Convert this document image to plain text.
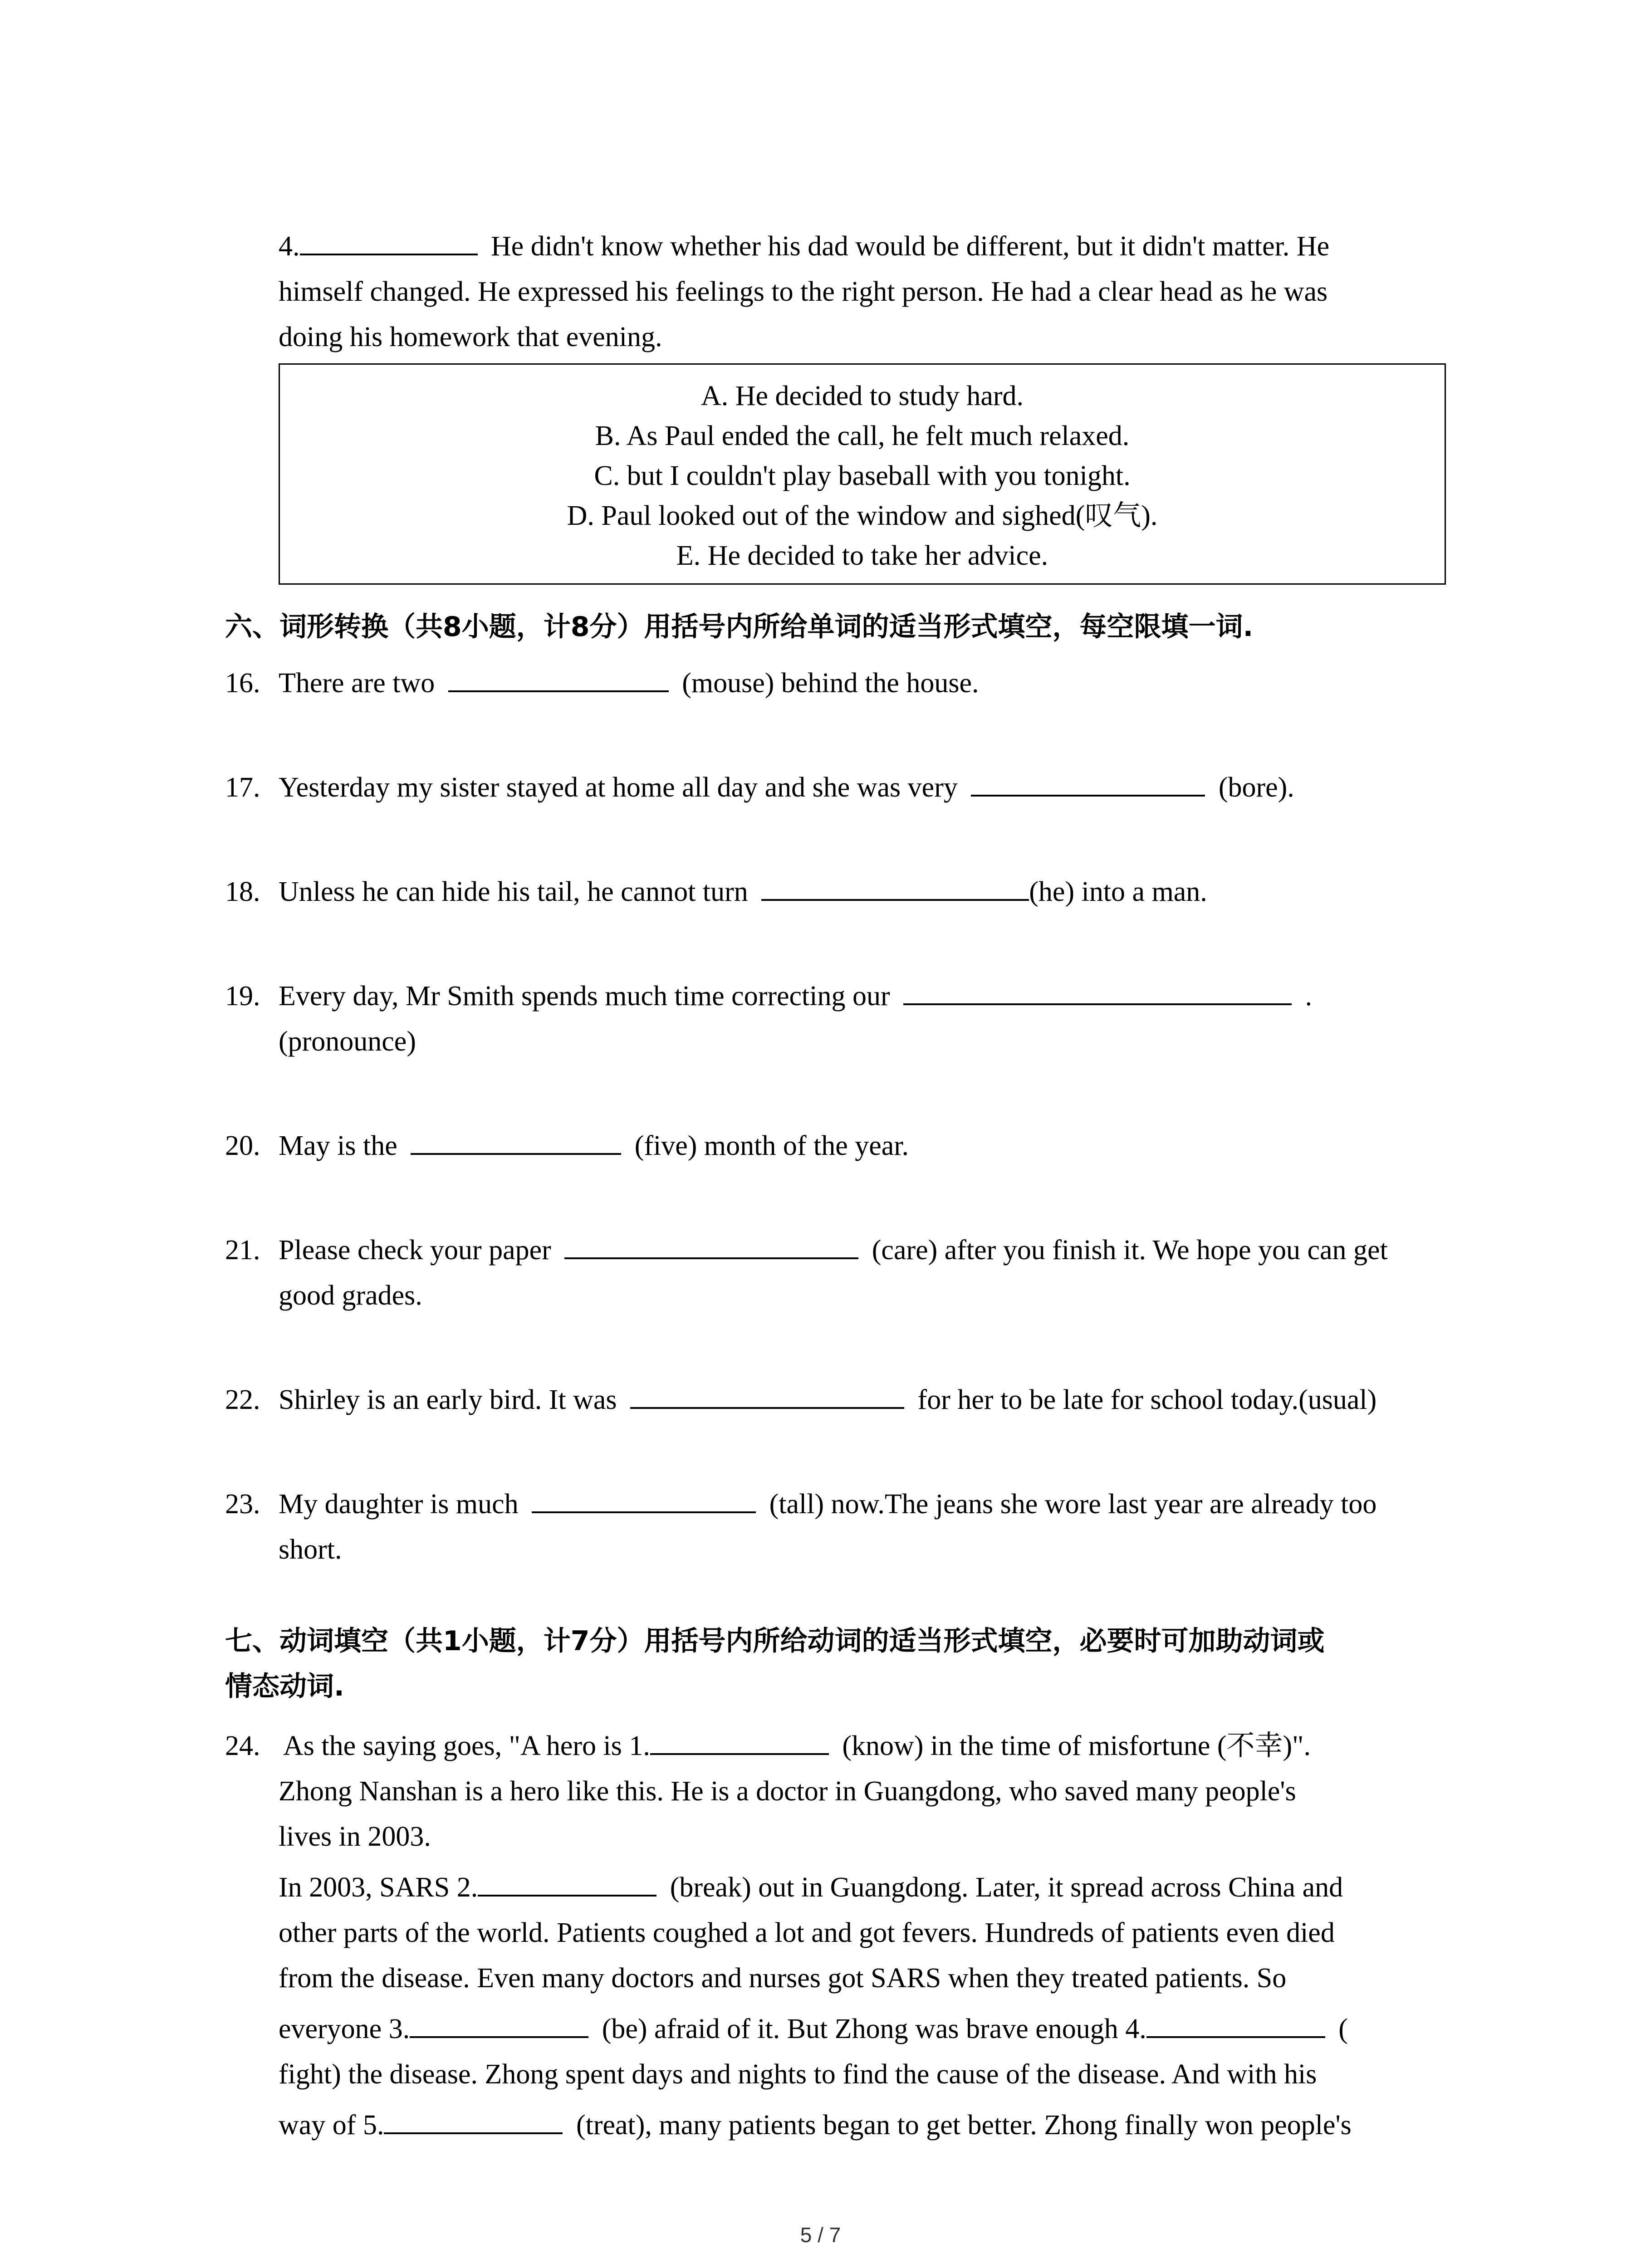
4.	He didn't know whether his dad would be different, but it didn't matter. He
himself changed. He expressed his feelings to the right person. He had a clear head as he was
doing his homework that evening.
A. He decided to study hard.
B. As Paul ended the call, he felt much relaxed.
C. but I couldn't play baseball with you tonight.
D. Paul looked out of the window and sighed(叹气).
E. He decided to take her advice.
六、词形转换（共8小题，计8分）用括号内所给单词的适当形式填空，每空限填一词.
16. There are two	(mouse) behind the house.
17. Yesterday my sister stayed at home all day and she was very	(bore).
18. Unless he can hide his tail, he cannot turn	(he) into a man.
19. Every day, Mr Smith spends much time correcting our	.
(pronounce)
20. May is the	(five) month of the year.
21. Please check your paper	(care) after you finish it. We hope you can get
good grades.
22. Shirley is an early bird. It was	for her to be late for school today.(usual)
23. My daughter is much	(tall) now.The jeans she wore last year are already too
short.
七、动词填空（共1小题，计7分）用括号内所给动词的适当形式填空，必要时可加助动词或
情态动词.
24. As the saying goes, "A hero is 1.	(know) in the time of misfortune (不幸)".
Zhong Nanshan is a hero like this. He is a doctor in Guangdong, who saved many people's
lives in 2003.
In 2003, SARS 2.	(break) out in Guangdong. Later, it spread across China and
other parts of the world. Patients coughed a lot and got fevers. Hundreds of patients even died
from the disease. Even many doctors and nurses got SARS when they treated patients. So
everyone 3.	(be) afraid of it. But Zhong was brave enough 4.	(
fight) the disease. Zhong spent days and nights to find the cause of the disease. And with his
way of 5.	(treat), many patients began to get better. Zhong finally won people's
5 / 7
